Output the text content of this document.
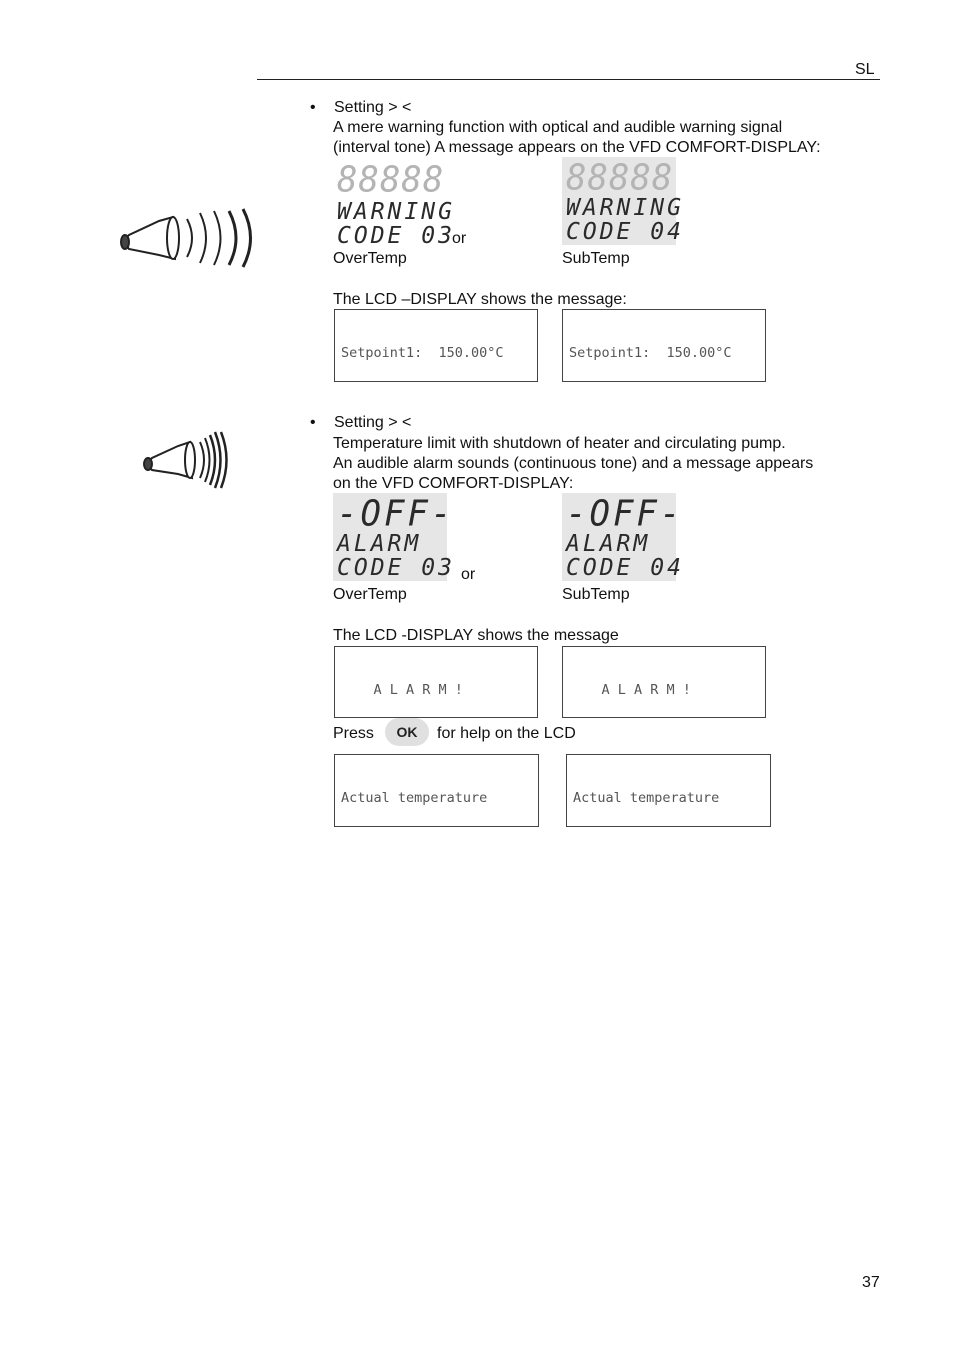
SL
• Setting > <
A mere warning function with optical and audible warning signal
(interval tone) A message appears on the VFD COMFORT-DISPLAY:
88888
WARNING
CODE 03
or
88888
WARNING
CODE 04
OverTemp	SubTemp
The LCD –DISPLAY shows the message:

Setpoint1:  150.00°C

	Setpoint1:  150.00°C

• Setting > <
Temperature limit with shutdown of heater and circulating pump.
An audible alarm sounds (continuous tone) and a message appears
on the VFD COMFORT-DISPLAY:
-OFF-
ALARM
CODE 03 or
-OFF-
ALARM
CODE 04
OverTemp	SubTemp
The LCD -DISPLAY shows the message

A L A R M !

	A L A R M !

Press	OK	for help on the LCD

Actual temperature

	Actual temperature

37
